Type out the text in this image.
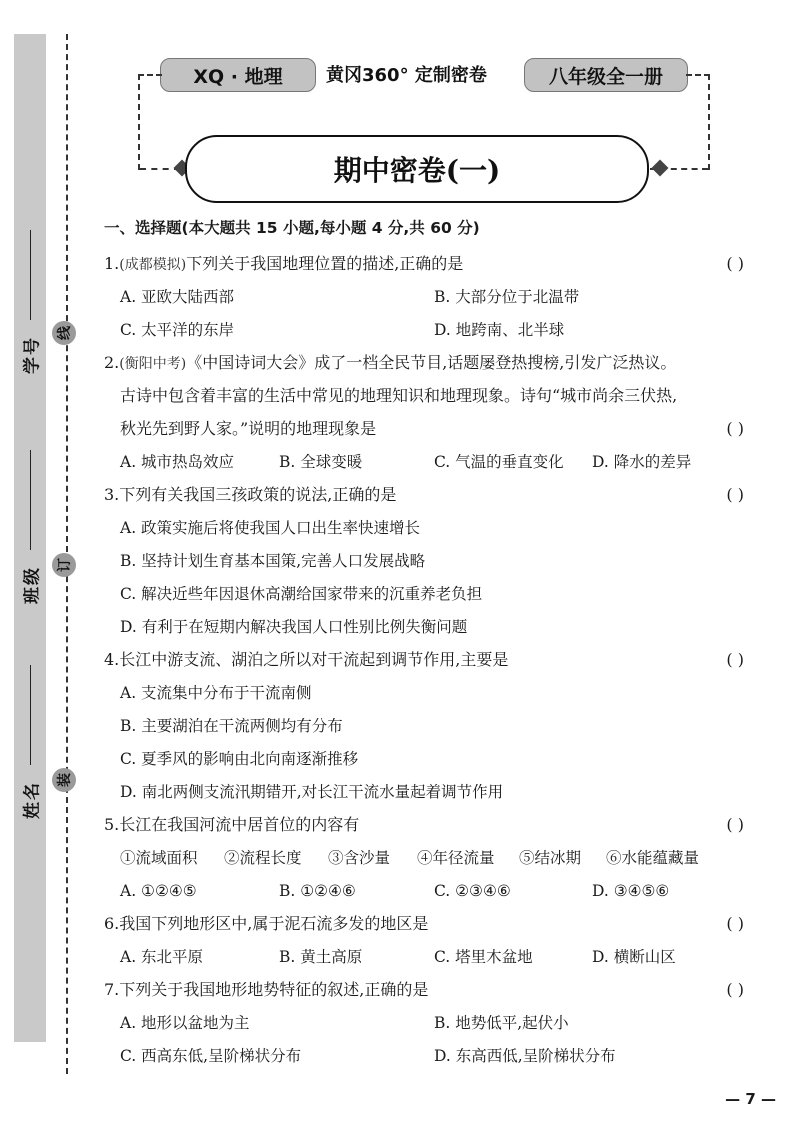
学号
班级
姓名
线
订
装
XQ · 地理	黄冈360° 定制密卷	八年级全一册
期中密卷(一)
一、选择题(本大题共 15 小题,每小题 4 分,共 60 分)
1.(成都模拟)下列关于我国地理位置的描述,正确的是	( )
A. 亚欧大陆西部	B. 大部分位于北温带
C. 太平洋的东岸	D. 地跨南、北半球
2.(衡阳中考)《中国诗词大会》成了一档全民节目,话题屡登热搜榜,引发广泛热议。
古诗中包含着丰富的生活中常见的地理知识和地理现象。诗句“城市尚余三伏热,
秋光先到野人家。”说明的地理现象是	( )
A. 城市热岛效应	B. 全球变暖	C. 气温的垂直变化 D. 降水的差异
3.下列有关我国三孩政策的说法,正确的是	( )
A. 政策实施后将使我国人口出生率快速增长
B. 坚持计划生育基本国策,完善人口发展战略
C. 解决近些年因退休高潮给国家带来的沉重养老负担
D. 有利于在短期内解决我国人口性别比例失衡问题
4.长江中游支流、湖泊之所以对干流起到调节作用,主要是	( )
A. 支流集中分布于干流南侧
B. 主要湖泊在干流两侧均有分布
C. 夏季风的影响由北向南逐渐推移
D. 南北两侧支流汛期错开,对长江干流水量起着调节作用
5.长江在我国河流中居首位的内容有	( )
①流域面积 ②流程长度 ③含沙量 ④年径流量 ⑤结冰期 ⑥水能蕴藏量
A. ①②④⑤	B. ①②④⑥	C. ②③④⑥	D. ③④⑤⑥
6.我国下列地形区中,属于泥石流多发的地区是	( )
A. 东北平原	B. 黄土高原	C. 塔里木盆地	D. 横断山区
7.下列关于我国地形地势特征的叙述,正确的是	( )
A. 地形以盆地为主	B. 地势低平,起伏小
C. 西高东低,呈阶梯状分布	D. 东高西低,呈阶梯状分布
— 7 —
